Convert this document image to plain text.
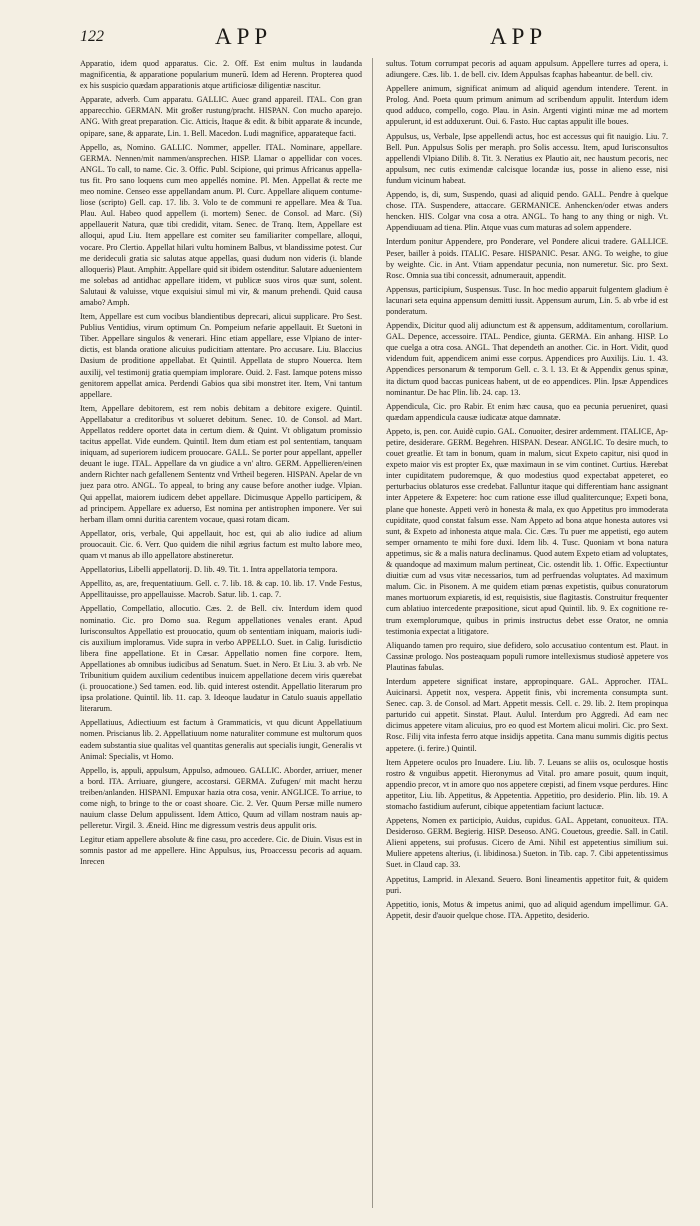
122	APP	APP

Apparatio, idem quod apparatus. Cic. 2. Off. Est enim multus in laudanda magnificentia, & apparatione popularium munerū. Idem ad Herenn. Propterea quod ex his suspicio quædam apparationis atque artificiosæ diligentiæ nascitur.

Apparate, adverb. Cum apparatu. GALLIC. Auec grand appareil. ITAL. Con gran apparecchio. GERMAN. Mit großer rustung/pracht. HISPAN. Con mucho aparejo. ANG. With great preparation. Cic. Atticis, Itaque & edit. & bibit apparate & incunde, opipare, sane, & apparate, Lin. 1. Bell. Macedon. Ludi magnifice, apparateque facti.

Appello, as, Nomino. GALLIC. Nommer, appeller. ITAL. Nominare, appellare. GERMA. Nennen/mit nammen/ansprechen. HISP. Llamar o appellidar con voces. ANGL. To call, to name. Cic. 3. Offic. Publ. Scipione, qui primus Africanus appellatus fit. Pro sano loquens cum meo appellés nomine. Pl. Men. Appellat & recte me meo nomine. Censeo esse appellandam anum. Pl. Curc. Appellare aliquem contumeliose (scripto) Gell. cap. 17. lib. 3. Volo te de communi re appellare. Mea & Tua. Plau. Aul. Habeo quod appellem (i. mortem) Senec. de Consol. ad Marc. (Si) appellauerit Natura, quæ tibi credidit, vitam. Senec. de Tranq. Item, Appellare est alloqui, apud Liu. Item appellare est comiter seu familiariter compellare, alloqui, vocare. Pro Clertio. Appellat hilari vultu hominem Balbus, vt blandissime potest. Cur me derideculi gratia sic salutas atque appellas, quasi dudum non videris (i. blande alloqueris) Plaut. Amphitr. Appellare quid sit ibidem ostenditur. Salutare aduenientem me solebas ad antidhac appellare itidem, vt publicæ suos viros quæ sunt, solent. Salutaui & valuisse, vtque exquisiui simul mi vir, & manum prehendi. Quid causa amabo? Amph.

Item, Appellare est cum vocibus blandientibus deprecari, alicui supplicare. Pro Sest. Publius Ventidius, virum optimum Cn. Pompeium nefarie appellauit. Et Suetoni in Tiber. Appellare singulos & venerari. Hinc etiam appellare, esse Vlpiano de interdictis, est blanda oratione alicuius pudicitiam attentare. Pro accusare. Liu. Blaccius Dasium de proditione appellabat. Et Quintil. Appellata de stupro Nouerca. Item auxilij, vel testimonij gratia quempiam implorare. Ouid. 2. Fast. Iamque potens misso genitorem appellat amica. Perdendi Gabios qua sibi monstret iter. Item, Vni tantum appellare.

Item, Appellare debitorem, est rem nobis debitam a debitore exigere. Quintil. Appellabatur a creditoribus vt solueret debitum. Senec. 10. de Consol. ad Mart. Appellatos reddere oportet data in certum diem. & Quint. Vt obligatum promissio tacitus appellat. Vide eundem. Quintil. Item dum etiam est pol sententiam, tanquam iniquam, ad superiorem iudicem prouocare. GALL. Se porter pour appellant, appeller deuant le iuge. ITAL. Appellare da vn giudice a vn' altro. GERM. Appellieren/einen andern Richter nach gefallenem Sententz vnd Vrtheil begeren. HISPAN. Apelar de vn juez para otro. ANGL. To appeal, to bring any cause before another iudge. Vlpian. Qui appellat, maiorem iudicem debet appellare. Dicimusque Appello participem, & ad principem. Appellare ex aduerso, Est nomina per antistrophen imponere. Ver sui herbam illam omni duritia carentem vocaue, quasi rotam dicam.

Appellator, oris, verbale, Qui appellauit, hoc est, qui ab alio iudice ad alium prouocauit. Cic. 6. Verr. Quo quidem die nihil ægrius factum est multo labore meo, quam vt manus ab illo appellatore abstineretur.

Appellatorius, Libelli appellatorij. D. lib. 49. Tit. 1. Intra appellatoria tempora.

Appellito, as, are, frequentatiuum. Gell. c. 7. lib. 18. & cap. 10. lib. 17. Vnde Festus, Appellitauisse, pro appellauisse. Macrob. Satur. lib. 1. cap. 7.

Appellatio, Compellatio, allocutio. Cæs. 2. de Bell. civ. Interdum idem quod nominatio. Cic. pro Domo sua. Regum appellationes venales erant. Apud Iurisconsultos Appellatio est prouocatio, quum ob sententiam iniquam, maioris iudicis auxilium imploramus. Vide supra in verbo APPELLO. Suet. in Calig. Iurisdictio libera fine appellatione. Et in Cæsar. Appellatio nomen fine corpore. Item, Appellationes ab omnibus iudicibus ad Senatum. Suet. in Nero. Et Liu. 3. ab vrb. Ne Tribunitium quidem auxilium cedentibus inuicem appellatione decem viris quærebat (i. prouocatione.) Sed tamen. eod. lib. quid interest ostendit. Appellatio literarum pro ipsa prolatione. Quintil. lib. 11. cap. 3. Ideoque laudatur in Catulo suauis appellatio literarum.

Appellatiuus, Adiectiuum est factum à Grammaticis, vt quu dicunt Appellatiuum nomen. Priscianus lib. 2. Appellatiuum nome naturaliter commune est multorum quos eadem substantia siue qualitas vel quantitas generalis aut specialis iungit, Generalis vt Animal: Specialis, vt Homo.

Appello, is, appuli, appulsum, Appulso, admoueo. GALLIC. Aborder, arriuer, mener a bord. ITA. Arriuare, giungere, accostarsi. GERMA. Zufugen/ mit macht herzu treiben/anlanden. HISPANI. Empuxar hazia otra cosa, venir. ANGLICE. To arriue, to come nigh, to bringe to the or coast shoare. Cic. 2. Ver. Quum Persæ mille numero nauium classe Delum appulissent. Idem Attico, Quum ad villam nostram nauis appelleretur. Virgil. 3. Æneid. Hinc me digressum vestris deus appulit oris.

Legitur etiam appellere absolute & fine casu, pro accedere. Cic. de Diuin. Visus est in somnis pastor ad me appellere. Hinc Appulsus, ius, Proaccessu pecoris ad aquam. Inrecen

sultus. Totum corrumpat pecoris ad aquam appulsum. Appellere turres ad opera, i. adiungere. Cæs. lib. 1. de bell. civ. Idem Appulsas fcaphas habeantur. de bell. civ.

Appellere animum, significat animum ad aliquid agendum intendere. Terent. in Prolog. And. Poeta quum primum animum ad scribendum appulit. Interdum idem quod adduco, compello, cogo. Plau. in Asin. Argenti viginti minæ me ad mortem appulerunt, id est adduxerunt. Oui. 6. Fasto. Huc captas appulit ille boues.

Appulsus, us, Verbale, Ipse appellendi actus, hoc est accessus qui fit nauigio. Liu. 7. Bell. Pun. Appulsus Solis per meraph. pro Solis accessu. Item, apud Iurisconsultos appellendi Vlpiano Dilib. 8. Tit. 3. Neratius ex Plautio ait, nec haustum pecoris, nec appulsum, nec cutis eximendæ calcisque locandæ ius, posse in alieno esse, nisi fundum vicinum habeat.

Appendo, is, di, sum, Suspendo, quasi ad aliquid pendo. GALL. Pendre à quelque chose. ITA. Suspendere, attaccare. GERMANICE. Anhencken/oder etwas anders hencken. HIS. Colgar vna cosa a otra. ANGL. To hang to any thing or nigh. Vt. Appendiuuam ad tiena. Plin. Atque vuas cum maturas ad solem appendere.

Interdum ponitur Appendere, pro Ponderare, vel Pondere alicui tradere. GALLICE. Peser, bailler à poids. ITALIC. Pesare. HISPANIC. Pesar. ANG. To weighe, to giue by weighte. Cic. in Ant. Vtiam appendatur pecunia, non numeretur. Sic. pro Sext. Rosc. Omnia sua tibi concessit, adnumerauit, appendit.

Appensus, participium, Suspensus. Tusc. In hoc medio apparuit fulgentem gladium è lacunari seta equina appensum demitti iussit. Appensum aurum, Lin. 5. ab vrbe id est ponderatum.

Appendix, Dicitur quod alij adiunctum est & appensum, additamentum, corollarium. GAL. Depence, accessoire. ITAL. Pendice, giunta. GERMA. Ein anhang. HISP. Lo que cuelga a otra cosa. ANGL. That dependeth an another. Cic. in Hort. Vidit, quod videndum fuit, appendicem animi esse corpus. Appendices pro Auxilijs. Liu. 1. 43. Appendices personarum & temporum Gell. c. 3. l. 13. Et & Appendix genus spinæ, ita dictum quod baccas puniceas habent, ut de eo appendices. Plin. Ipsæ Appendices nominantur. De hac Plin. lib. 24. cap. 13.

Appendicula, Cic. pro Rabir. Et enim hæc causa, quo ea pecunia perueniret, quasi quædam appendicula causæ iudicatæ atque damnatæ.

Appeto, is, pen. cor. Auidè cupio. GAL. Conuoiter, desirer ardemment. ITALICE, Appetire, desiderare. GERM. Begehren. HISPAN. Desear. ANGLIC. To desire much, to couet greatlie. Et tam in bonum, quam in malum, sicut Expeto capitur, nisi quod in expeto maior vis est propter Ex, quæ maximaun in se vim continet. Curtius. Hærebat inter cupiditatem pudoremque, & quo modestius quod expectabat appeteret, eo perturbacius oblaturos esse credebat. Falluntur itaque qui differentiam hanc assignant inter Appetere & Expetere: hoc cum ratione esse illud qualitercunque; Expeti bona, plane que honeste. Appeti verò in honesta & mala, ex quo Appetitus pro immoderata cupiditate, quod constat falsum esse. Nam Appeto ad bona atque honesta autores vsi sunt, & Expeto ad inhonesta atque mala. Cic. Cæs. Tu puer me appetisti, ego autem semper ornamento te mihi fore duxi. Idem lib. 4. Tusc. Quoniam vt bona natura appetimus, sic & a malis natura declinamus. Quod autem Expeto etiam ad voluptates, & quandoque ad maximum malum pertineat, Cic. ostendit lib. 1. Offic. Expectiuntur diuitiæ cum ad vsus vitæ necessarios, tum ad perfruendas voluptates. Ad maximum malum. Cic. in Pisonem. A me quidem etiam pœnas expetistis, quibus conuratorum manes mortuorum expiaretis, id est, requisistis, siue flagitastis. Construitur frequenter cum ablatiuo intercedente præpositione, sicut apud Quintil. lib. 9. Ex cognitione retrum exemplorumque, quibus in primis instructus debet esse Orator, ne omnia testimonia expectat a litigatore.

Aliquando tamen pro requiro, siue defidero, solo accusatiuo contentum est. Plaut. in Cassinæ prologo. Nos posteaquam populi rumore intellexismus studiosè appetere vos Plautinas fabulas.

Interdum appetere significat instare, appropinquare. GAL. Approcher. ITAL. Auicinarsi. Appetit nox, vespera. Appetit finis, vbi incrementa consumpta sunt. Senec. cap. 3. de Consol. ad Mart. Appetit messis. Cell. c. 29. lib. 2. Item propinqua parturido cui appetit. Sinstat. Plaut. Aulul. Interdum pro Aggredi. Ad eam nec dicimus appetere vitam alicuius, pro eo quod est Mortem alicui moliri. Cic. pro Sext. Rosc. Filij vita infesta ferro atque insidijs appetita. Cana manu summis digitis pectus appetere. (i. ferire.) Quintil.

Item Appetere oculos pro Inuadere. Liu. lib. 7. Leuans se aliis os, oculosque hostis rostro & vnguibus appetit. Hieronymus ad Vital. pro amare posuit, quum inquit, appendio precor, vt in amore quo nos appetere cœpisti, ad finem vsque perdures. Hinc appetitor, Liu. lib. Appetitus, & Appetentia. Appetitio, pro desiderio. Plin. lib. 19. A stomacho fastidium auferunt, cibique appetentiam faciunt lactucæ.

Appetens, Nomen ex participio, Auidus, cupidus. GAL. Appetant, conuoiteux. ITA. Desideroso. GERM. Begierig. HISP. Deseoso. ANG. Couetous, greedie. Sall. in Catil. Alieni appetens, sui profusus. Cicero de Ami. Nihil est appetentius similium sui. Muliere appetens alterius, (i. libidinosa.) Sueton. in Tib. cap. 7. Cibi appetentissimus Suet. in Claud cap. 33.

Appetitus, Lamprid. in Alexand. Seuero. Boni lineamentis appetitor fuit, & quidem puri.

Appetitio, ionis, Motus & impetus animi, quo ad aliquid agendum impellimur. GA. Appetit, desir d'auoir quelque chose. ITA. Appetito, desiderio.
